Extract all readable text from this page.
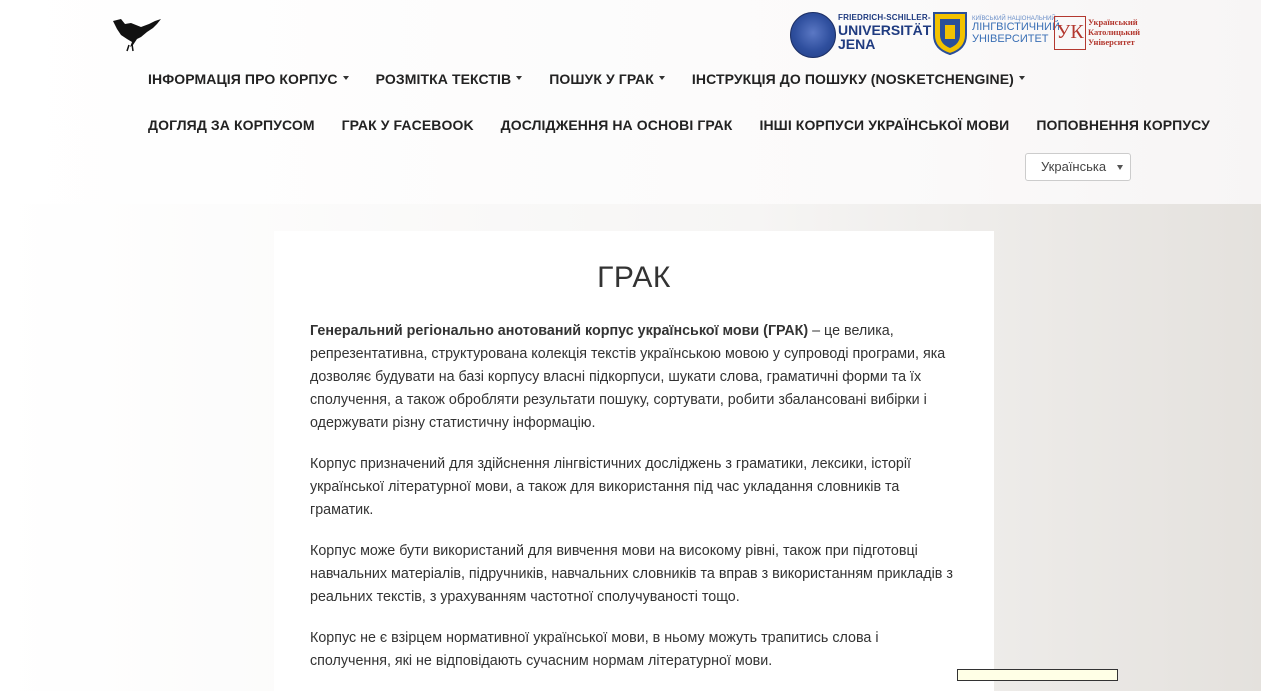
FRIEDRICH-SCHILLER-
UNIVERSITÄT
JENA
КИЇВСЬКИЙ НАЦІОНАЛЬНИЙ
ЛІНГВІСТИЧНИЙ
УНІВЕРСИТЕТ УК Український
Католицький
Університет
ІНФОРМАЦІЯ ПРО КОРПУС	РОЗМІТКА ТЕКСТІВ	ПОШУК У ГРАК	ІНСТРУКЦІЯ ДО ПОШУКУ (NOSKETCHENGINE)
ДОГЛЯД ЗА КОРПУСОМ ГРАК У FACEBOOK ДОСЛІДЖЕННЯ НА ОСНОВІ ГРАК ІНШІ КОРПУСИ УКРАЇНСЬКОЇ МОВИ ПОПОВНЕННЯ КОРПУСУ
Українська
ГРАК

Генеральний регіонально анотований корпус української мови (ГРАК) – це велика, репрезентативна, структурована колекція текстів українською мовою у супроводі програми, яка дозволяє будувати на базі корпусу власні підкорпуси, шукати слова, граматичні форми та їх сполучення, а також обробляти результати пошуку, сортувати, робити збалансовані вибірки і одержувати різну статистичну інформацію.

Корпус призначений для здійснення лінгвістичних досліджень з граматики, лексики, історії української літературної мови, а також для використання під час укладання словників та граматик.

Корпус може бути використаний для вивчення мови на високому рівні, також при підготовці навчальних матеріалів, підручників, навчальних словників та вправ з використанням прикладів з реальних текстів, з урахуванням частотної сполучуваності тощо.

Корпус не є взірцем нормативної української мови, в ньому можуть трапитись слова і сполучення, які не відповідають сучасним нормам літературної мови.
